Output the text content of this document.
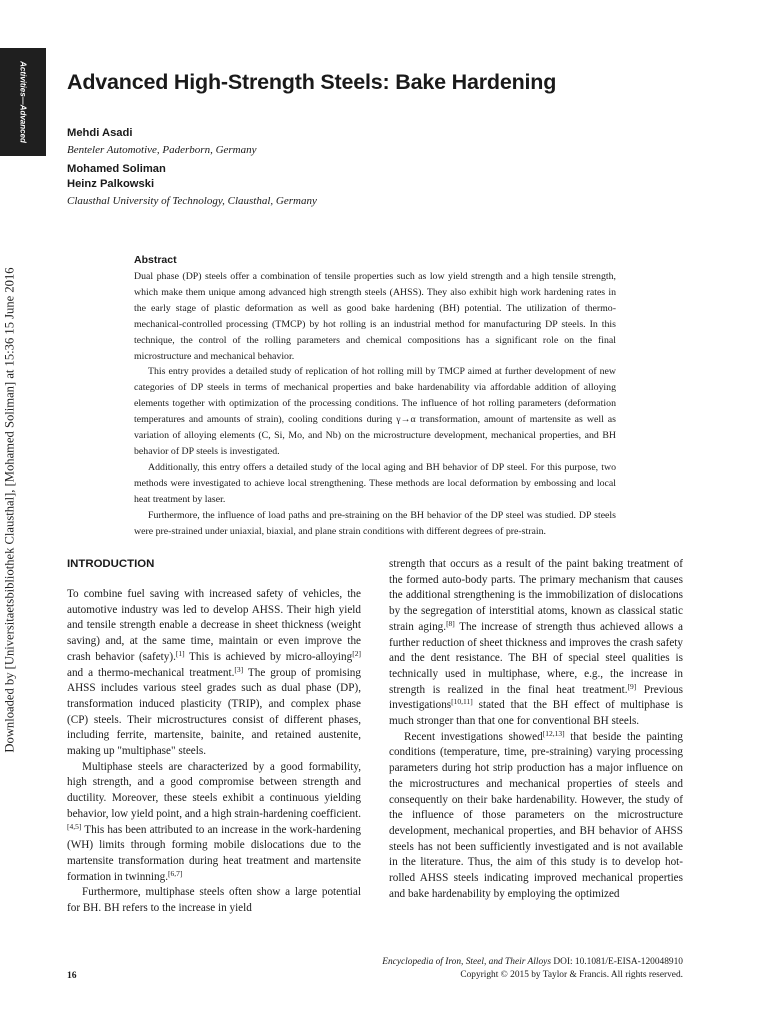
Activities—Advanced
Downloaded by [Universitaetsbibliothek Clausthal], [Mohamed Soliman] at 15:36 15 June 2016
Advanced High-Strength Steels: Bake Hardening
Mehdi Asadi
Benteler Automotive, Paderborn, Germany
Mohamed Soliman
Heinz Palkowski
Clausthal University of Technology, Clausthal, Germany
Abstract

Dual phase (DP) steels offer a combination of tensile properties such as low yield strength and a high tensile strength, which make them unique among advanced high strength steels (AHSS). They also exhibit high work hardening rates in the early stage of plastic deformation as well as good bake hardening (BH) potential. The utilization of thermo-mechanical-controlled processing (TMCP) by hot rolling is an industrial method for manufacturing DP steels. In this technique, the control of the rolling parameters and chemical compositions has a significant role on the final microstructure and mechanical behavior.

This entry provides a detailed study of replication of hot rolling mill by TMCP aimed at further development of new categories of DP steels in terms of mechanical properties and bake hardenability via affordable addition of alloying elements together with optimization of the processing conditions. The influence of hot rolling parameters (deformation temperatures and amounts of strain), cooling conditions during γ→α transformation, amount of martensite as well as variation of alloying elements (C, Si, Mo, and Nb) on the microstructure development, mechanical properties, and BH behavior of DP steels is investigated.

Additionally, this entry offers a detailed study of the local aging and BH behavior of DP steel. For this purpose, two methods were investigated to achieve local strengthening. These methods are local deformation by embossing and local heat treatment by laser.

Furthermore, the influence of load paths and pre-straining on the BH behavior of the DP steel was studied. DP steels were pre-strained under uniaxial, biaxial, and plane strain conditions with different degrees of pre-strain.

INTRODUCTION

To combine fuel saving with increased safety of vehicles, the automotive industry was led to develop AHSS. Their high yield and tensile strength enable a decrease in sheet thickness (weight saving) and, at the same time, maintain or even improve the crash behavior (safety).[1] This is achieved by micro-alloying[2] and a thermo-mechanical treatment.[3] The group of promising AHSS includes various steel grades such as dual phase (DP), transformation induced plasticity (TRIP), and complex phase (CP) steels. Their microstructures consist of different phases, including ferrite, martensite, bainite, and retained austenite, making up "multiphase" steels.

Multiphase steels are characterized by a good formability, high strength, and a good compromise between strength and ductility. Moreover, these steels exhibit a continuous yielding behavior, low yield point, and a high strain-hardening coefficient.[4,5] This has been attributed to an increase in the work-hardening (WH) limits through forming mobile dislocations due to the martensite transformation during heat treatment and martensite formation in twinning.[6,7]

Furthermore, multiphase steels often show a large potential for BH. BH refers to the increase in yield

strength that occurs as a result of the paint baking treatment of the formed auto-body parts. The primary mechanism that causes the additional strengthening is the immobilization of dislocations by the segregation of interstitial atoms, known as classical static strain aging.[8] The increase of strength thus achieved allows a further reduction of sheet thickness and improves the crash safety and the dent resistance. The BH of special steel qualities is technically used in multiphase, where, e.g., the increase in strength is realized in the final heat treatment.[9] Previous investigations[10,11] stated that the BH effect of multiphase is much stronger than that one for conventional BH steels.

Recent investigations showed[12,13] that beside the painting conditions (temperature, time, pre-straining) varying processing parameters during hot strip production has a major influence on the microstructures and mechanical properties of steels and consequently on their bake hardenability. However, the study of the influence of those parameters on the microstructure development, mechanical properties, and BH behavior of AHSS steels has not been sufficiently investigated and is not available in the literature. Thus, the aim of this study is to develop hot-rolled AHSS steels indicating improved mechanical properties and bake hardenability by employing the optimized

16
Encyclopedia of Iron, Steel, and Their Alloys DOI: 10.1081/E-EISA-120048910
Copyright © 2015 by Taylor & Francis. All rights reserved.
